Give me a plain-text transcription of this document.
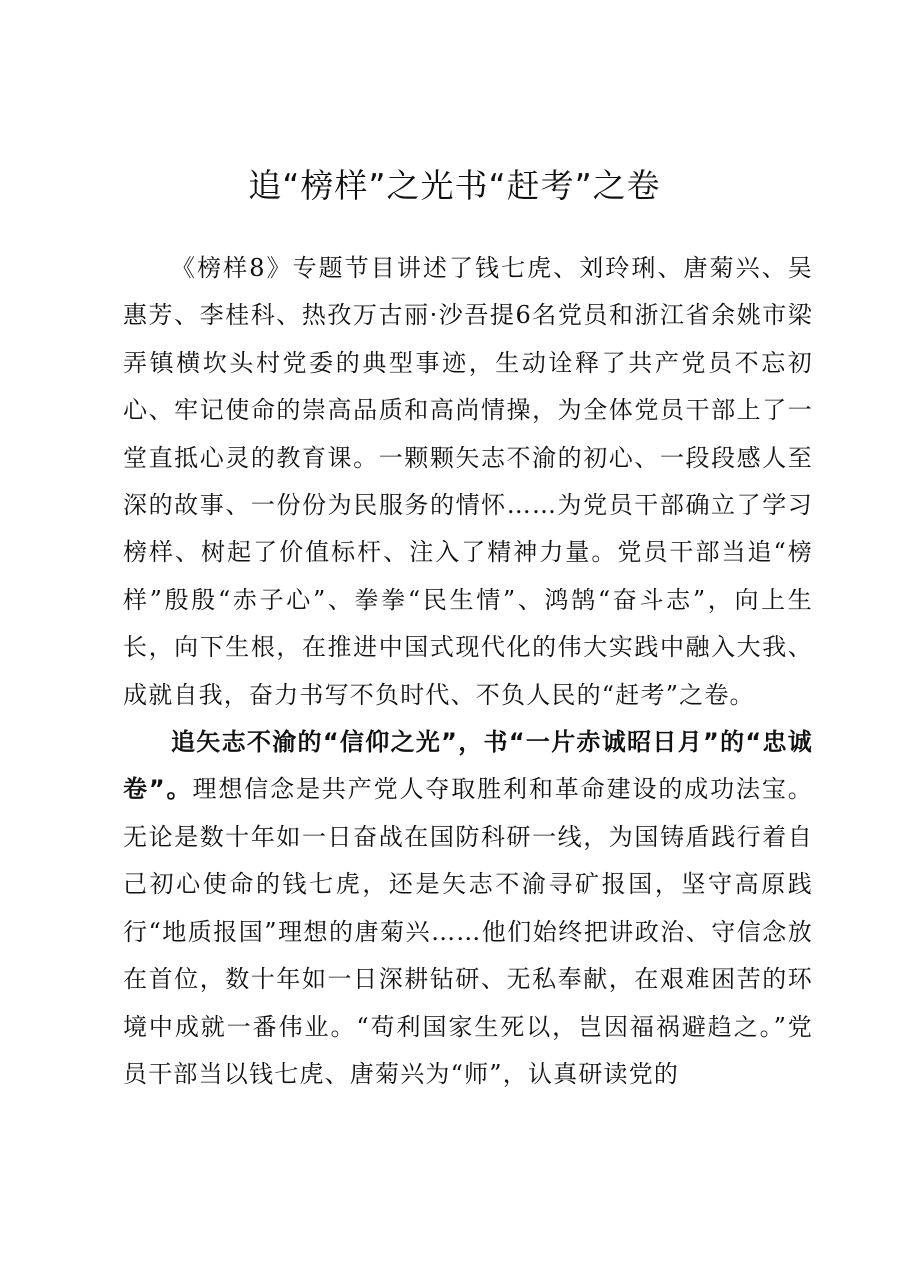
追“榜样”之光书“赶考”之卷

《榜样8》专题节目讲述了钱七虎、刘玲琍、唐菊兴、吴惠芳、李桂科、热孜万古丽·沙吾提6名党员和浙江省余姚市梁弄镇横坎头村党委的典型事迹，生动诠释了共产党员不忘初心、牢记使命的崇高品质和高尚情操，为全体党员干部上了一堂直抵心灵的教育课。一颗颗矢志不渝的初心、一段段感人至深的故事、一份份为民服务的情怀……为党员干部确立了学习榜样、树起了价值标杆、注入了精神力量。党员干部当追“榜样”殷殷“赤子心”、拳拳“民生情”、鸿鹄“奋斗志”，向上生长，向下生根，在推进中国式现代化的伟大实践中融入大我、成就自我，奋力书写不负时代、不负人民的“赶考”之卷。

追矢志不渝的“信仰之光”，书“一片赤诚昭日月”的“忠诚卷”。理想信念是共产党人夺取胜利和革命建设的成功法宝。无论是数十年如一日奋战在国防科研一线，为国铸盾践行着自己初心使命的钱七虎，还是矢志不渝寻矿报国，坚守高原践行“地质报国”理想的唐菊兴……他们始终把讲政治、守信念放在首位，数十年如一日深耕钻研、无私奉献，在艰难困苦的环境中成就一番伟业。“苟利国家生死以，岂因福祸避趋之。”党员干部当以钱七虎、唐菊兴为“师”，认真研读党的
